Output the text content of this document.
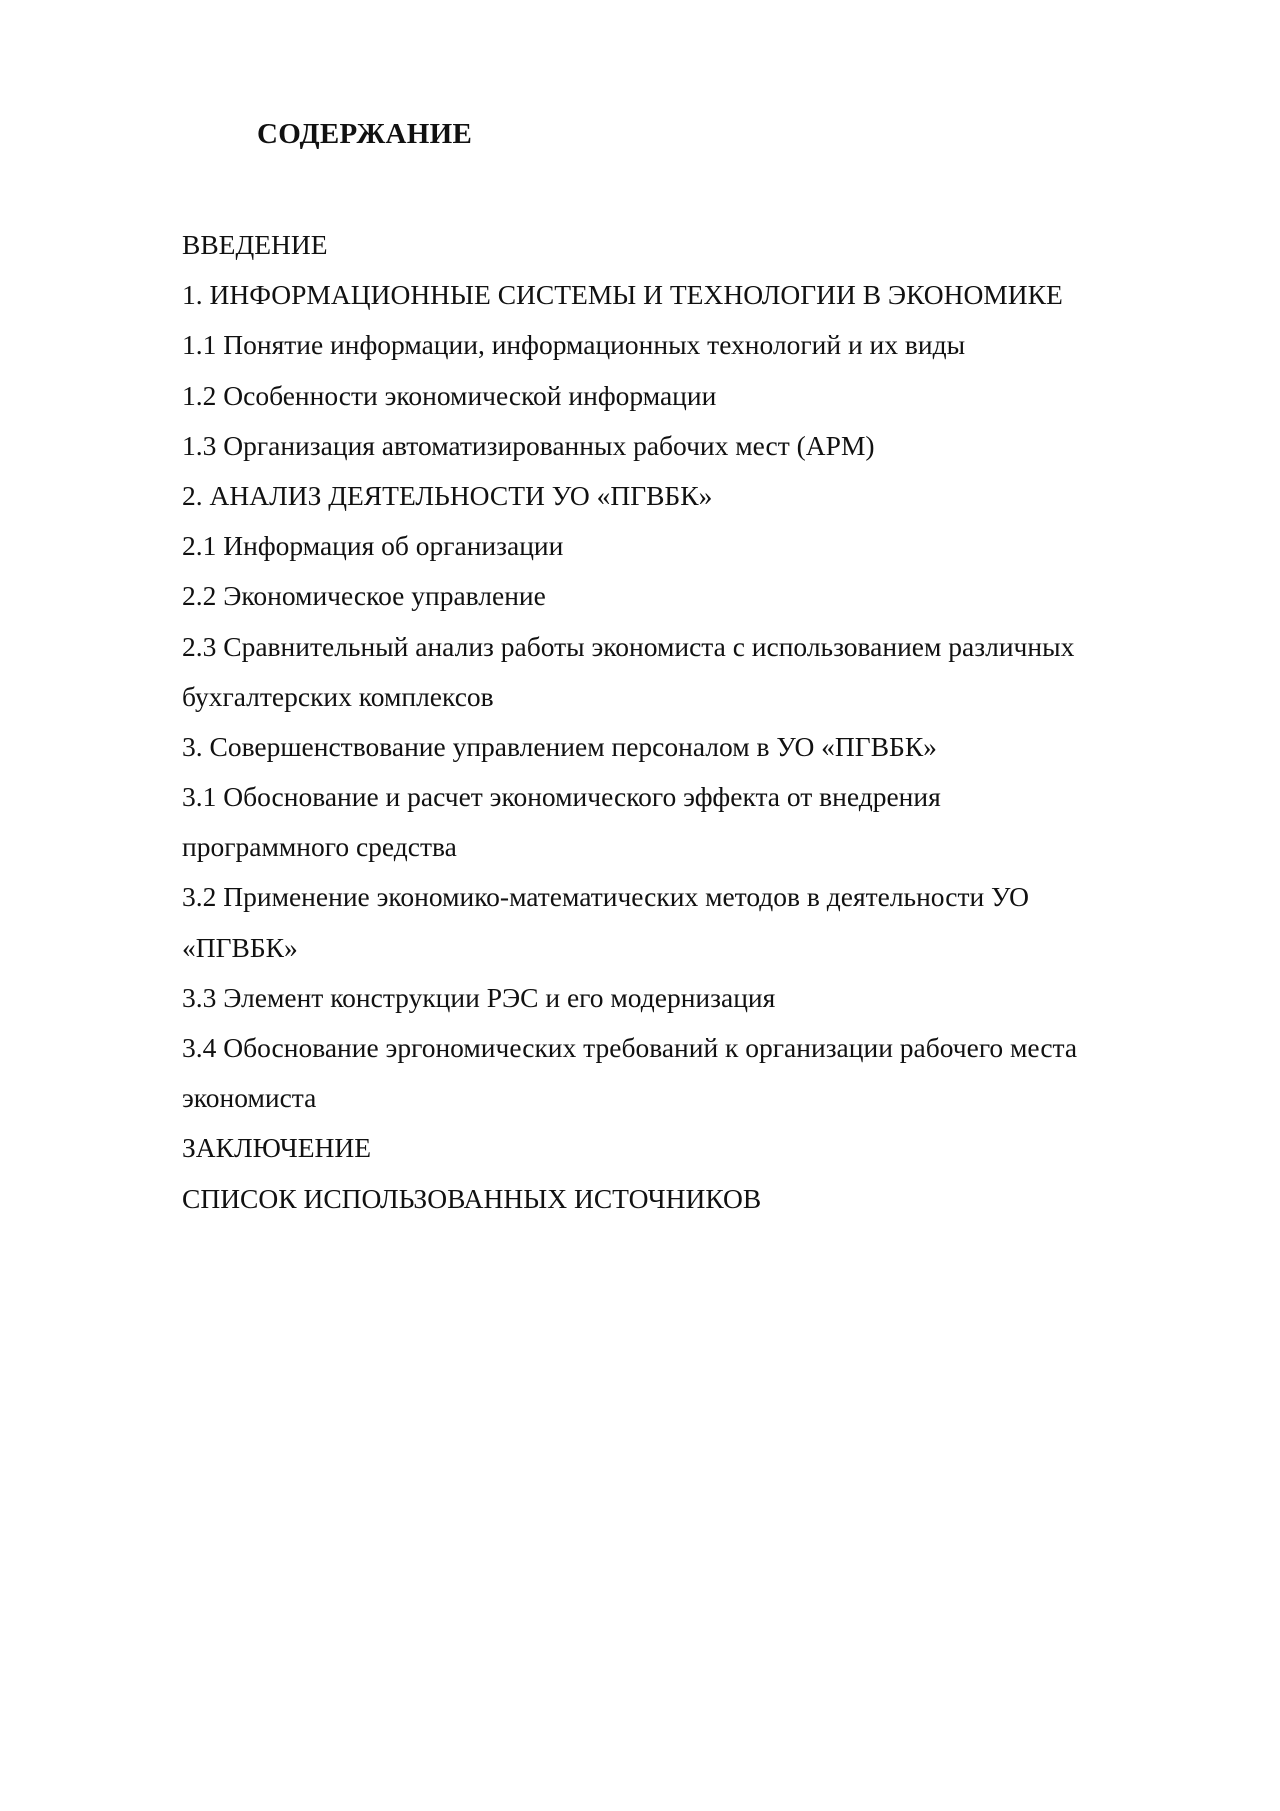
СОДЕРЖАНИЕ
ВВЕДЕНИЕ
1. ИНФОРМАЦИОННЫЕ СИСТЕМЫ И ТЕХНОЛОГИИ В ЭКОНОМИКЕ
1.1 Понятие информации, информационных технологий и их виды
1.2 Особенности экономической информации
1.3 Организация автоматизированных рабочих мест (АРМ)
2. АНАЛИЗ ДЕЯТЕЛЬНОСТИ УО «ПГВБК»
2.1 Информация об организации
2.2 Экономическое управление
2.3 Сравнительный анализ работы экономиста с использованием различных
бухгалтерских комплексов
3. Совершенствование управлением персоналом в УО «ПГВБК»
3.1 Обоснование и расчет экономического эффекта от внедрения
программного средства
3.2 Применение экономико-математических методов в деятельности УО
«ПГВБК»
3.3 Элемент конструкции РЭС и его модернизация
3.4 Обоснование эргономических требований к организации рабочего места
экономиста
ЗАКЛЮЧЕНИЕ
СПИСОК ИСПОЛЬЗОВАННЫХ ИСТОЧНИКОВ
